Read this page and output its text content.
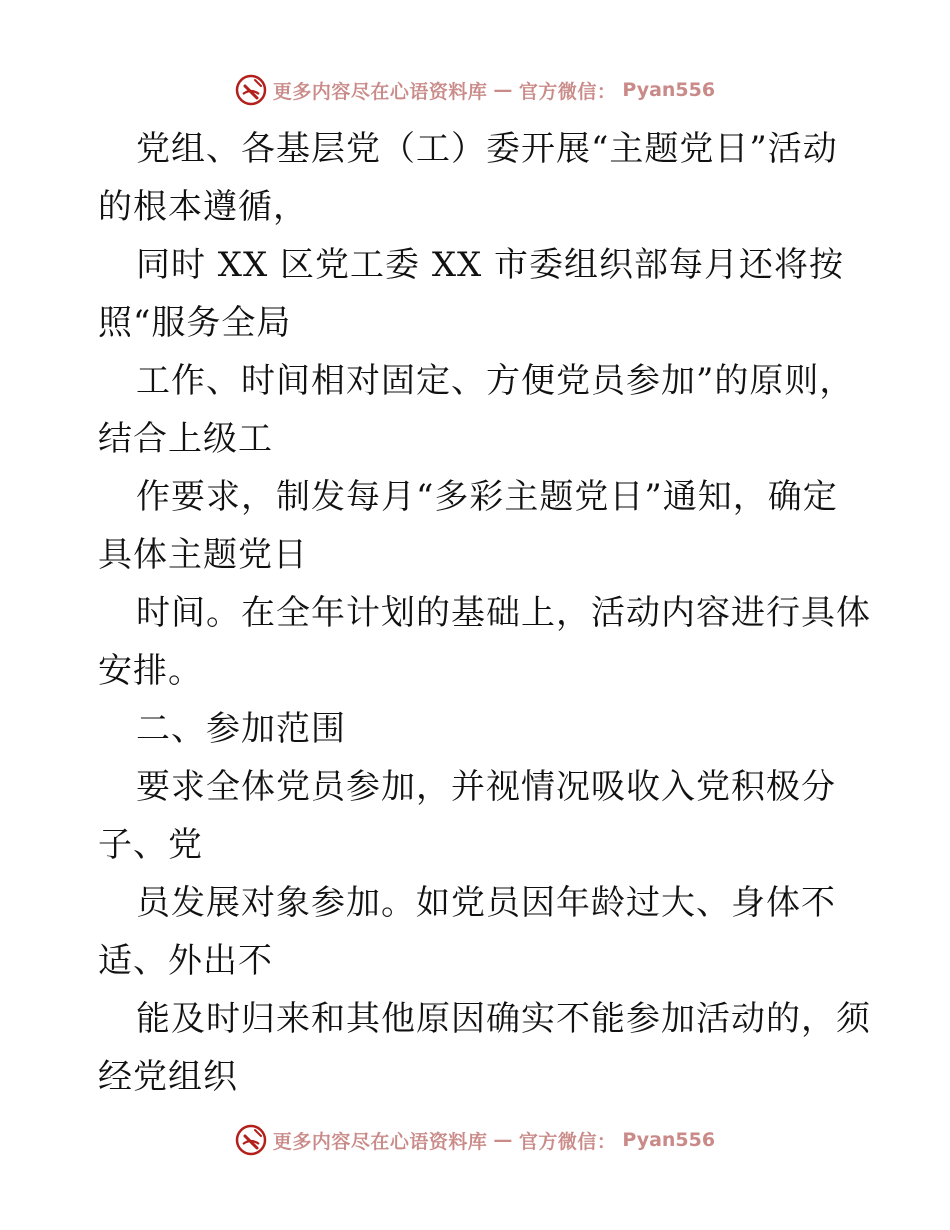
更多内容尽在心语资料库 — 官方微信： Pyan556
党组、各基层党（工）委开展“主题党日”活动
的根本遵循，
同时 XX 区党工委 XX 市委组织部每月还将按
照“服务全局
工作、时间相对固定、方便党员参加”的原则，
结合上级工
作要求，制发每月“多彩主题党日”通知，确定
具体主题党日
时间。在全年计划的基础上，活动内容进行具体
安排。
二、参加范围
要求全体党员参加，并视情况吸收入党积极分
子、党
员发展对象参加。如党员因年龄过大、身体不
适、外出不
能及时归来和其他原因确实不能参加活动的，须
经党组织
更多内容尽在心语资料库 — 官方微信： Pyan556
